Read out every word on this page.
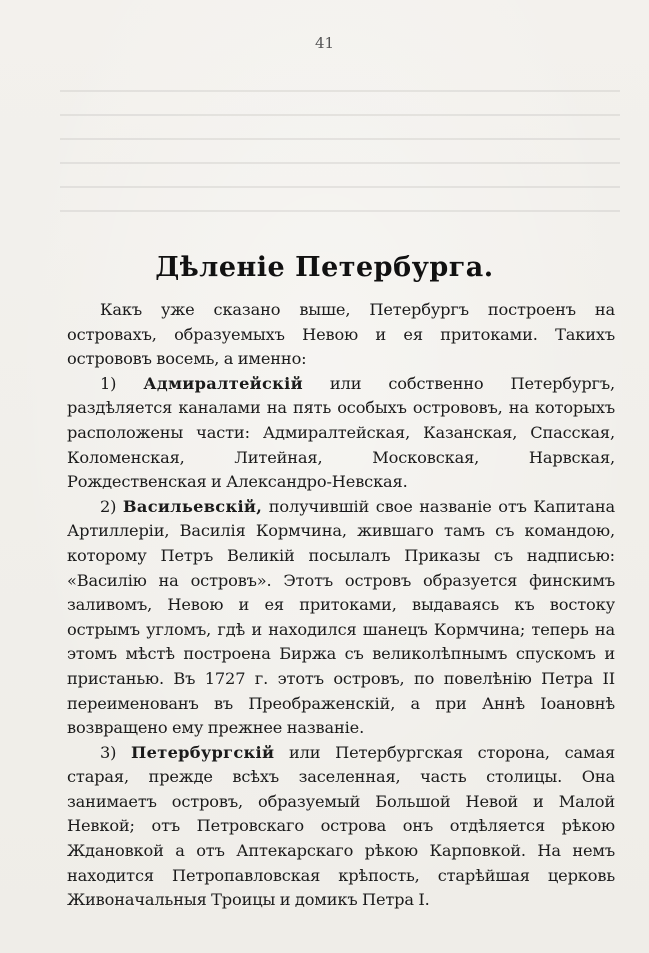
41
Дѣленіе Петербурга.

Какъ уже сказано выше, Петербургъ построенъ на островахъ, образуемыхъ Невою и ея притоками. Такихъ острововъ восемь, а именно:

1) Адмиралтейскій или собственно Петербургъ, раздѣляется каналами на пять особыхъ острововъ, на которыхъ расположены части: Адмиралтейская, Казанская, Спасская, Коломенская, Литейная, Московская, Нарвская, Рождественская и Александро-Невская.

2) Васильевскій, получившій свое названіе отъ Капитана Артиллеріи, Василія Кормчина, жившаго тамъ съ командою, которому Петръ Великій посылалъ Приказы съ надписью: «Василію на островъ». Этотъ островъ образуется финскимъ заливомъ, Невою и ея притоками, выдаваясь къ востоку острымъ угломъ, гдѣ и находился шанецъ Кормчина; теперь на этомъ мѣстѣ построена Биржа съ великолѣпнымъ спускомъ и пристанью. Въ 1727 г. этотъ островъ, по повелѣнію Петра II переименованъ въ Преображенскій, а при Аннѣ Іоановнѣ возвращено ему прежнее названіе.

3) Петербургскій или Петербургская сторона, самая старая, прежде всѣхъ заселенная, часть столицы. Она занимаетъ островъ, образуемый Большой Невой и Малой Невкой; отъ Петровскаго острова онъ отдѣляется рѣкою Ждановкой а отъ Аптекарскаго рѣкою Карповкой. На немъ находится Петропавловская крѣпость, старѣйшая церковь Живоначальныя Троицы и домикъ Петра I.
